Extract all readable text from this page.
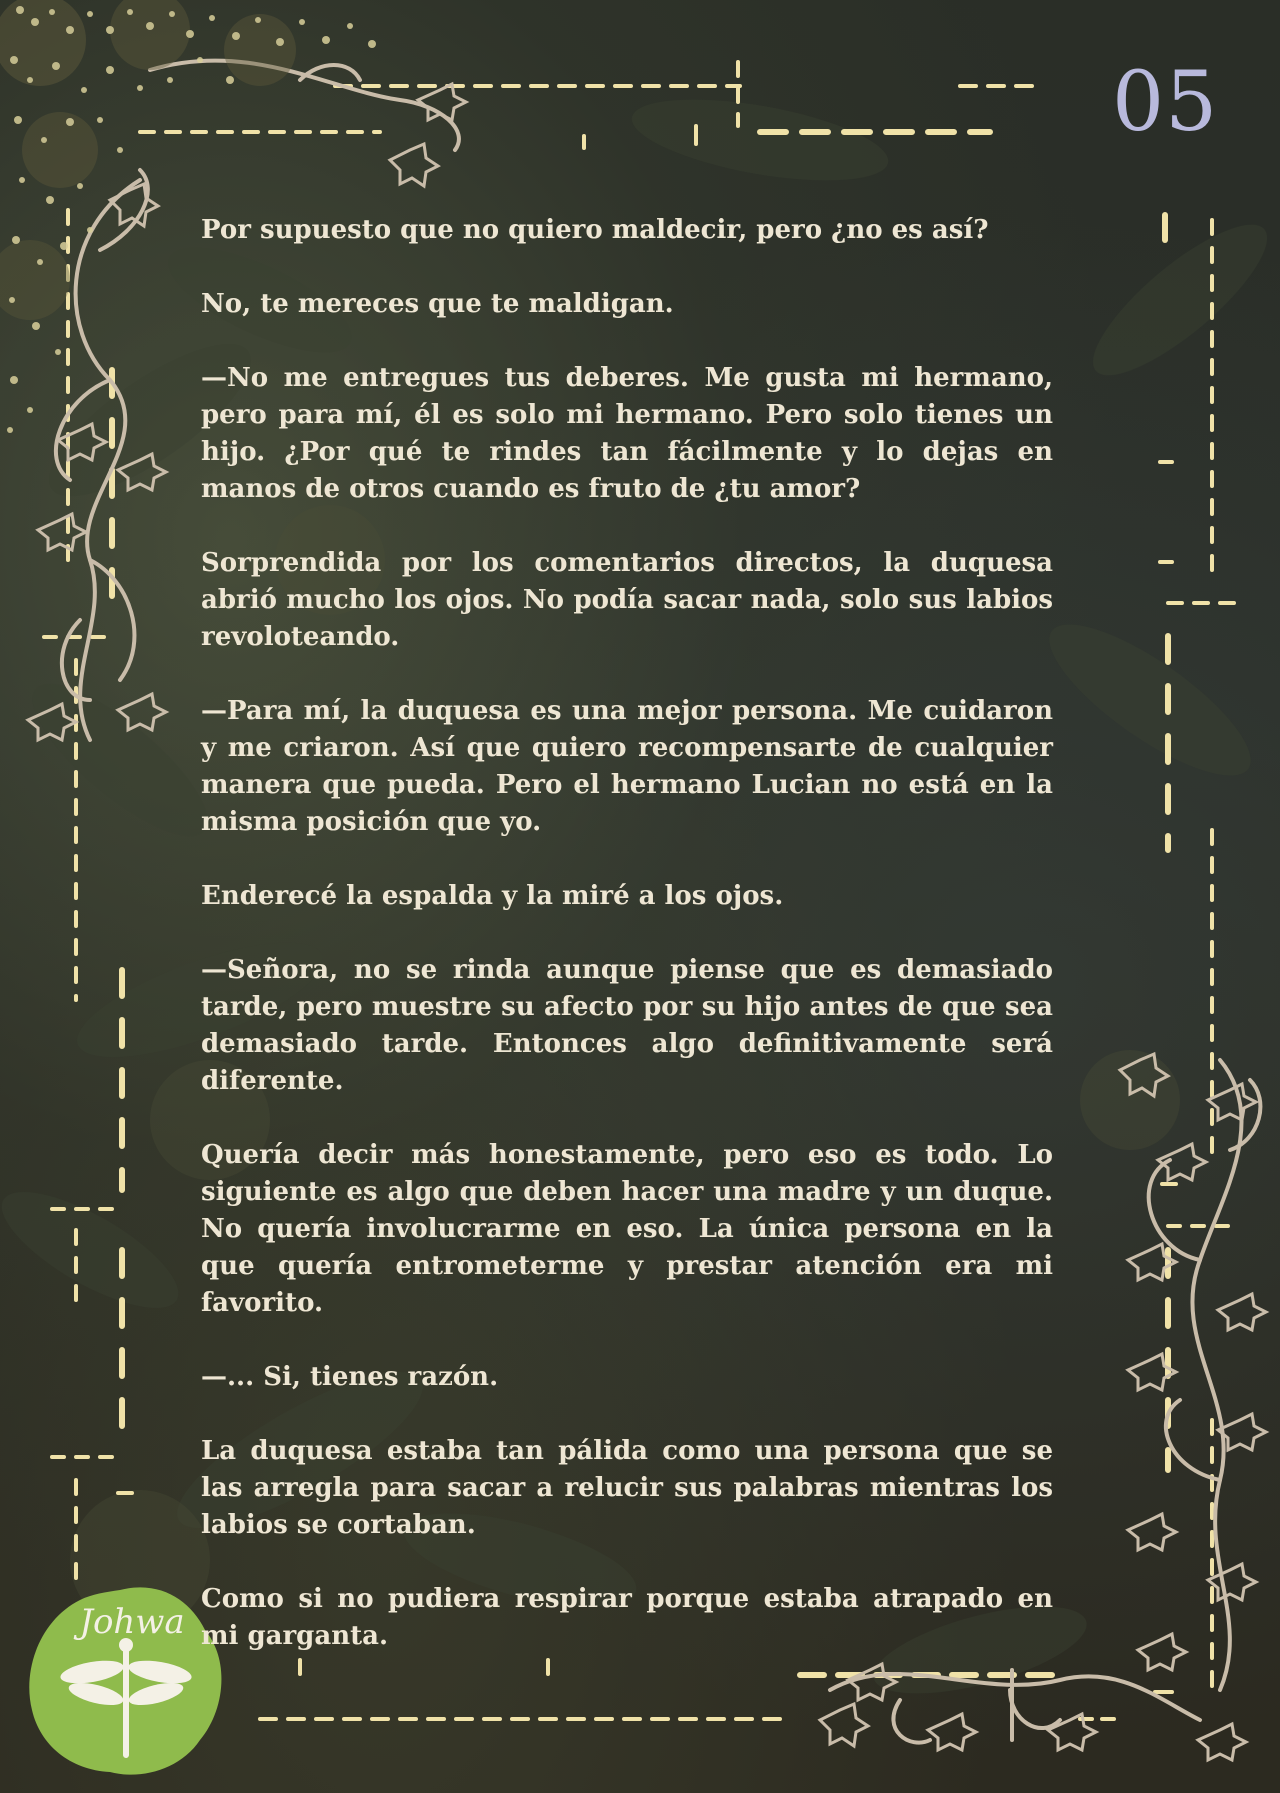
05

Por supuesto que no quiero maldecir, pero ¿no es así?

No, te mereces que te maldigan.

—No me entregues tus deberes. Me gusta mi hermano, pero para mí, él es solo mi hermano. Pero solo tienes un hijo. ¿Por qué te rindes tan fácilmente y lo dejas en manos de otros cuando es fruto de ¿tu amor?

Sorprendida por los comentarios directos, la duquesa abrió mucho los ojos. No podía sacar nada, solo sus labios revoloteando.

—Para mí, la duquesa es una mejor persona. Me cuidaron y me criaron. Así que quiero recompensarte de cualquier manera que pueda. Pero el hermano Lucian no está en la misma posición que yo.

Enderecé la espalda y la miré a los ojos.

—Señora, no se rinda aunque piense que es demasiado tarde, pero muestre su afecto por su hijo antes de que sea demasiado tarde. Entonces algo definitivamente será diferente.

Quería decir más honestamente, pero eso es todo. Lo siguiente es algo que deben hacer una madre y un duque. No quería involucrarme en eso. La única persona en la que quería entrometerme y prestar atención era mi favorito.

—... Si, tienes razón.

La duquesa estaba tan pálida como una persona que se las arregla para sacar a relucir sus palabras mientras los labios se cortaban.

Como si no pudiera respirar porque estaba atrapado en mi garganta.

Johwa
